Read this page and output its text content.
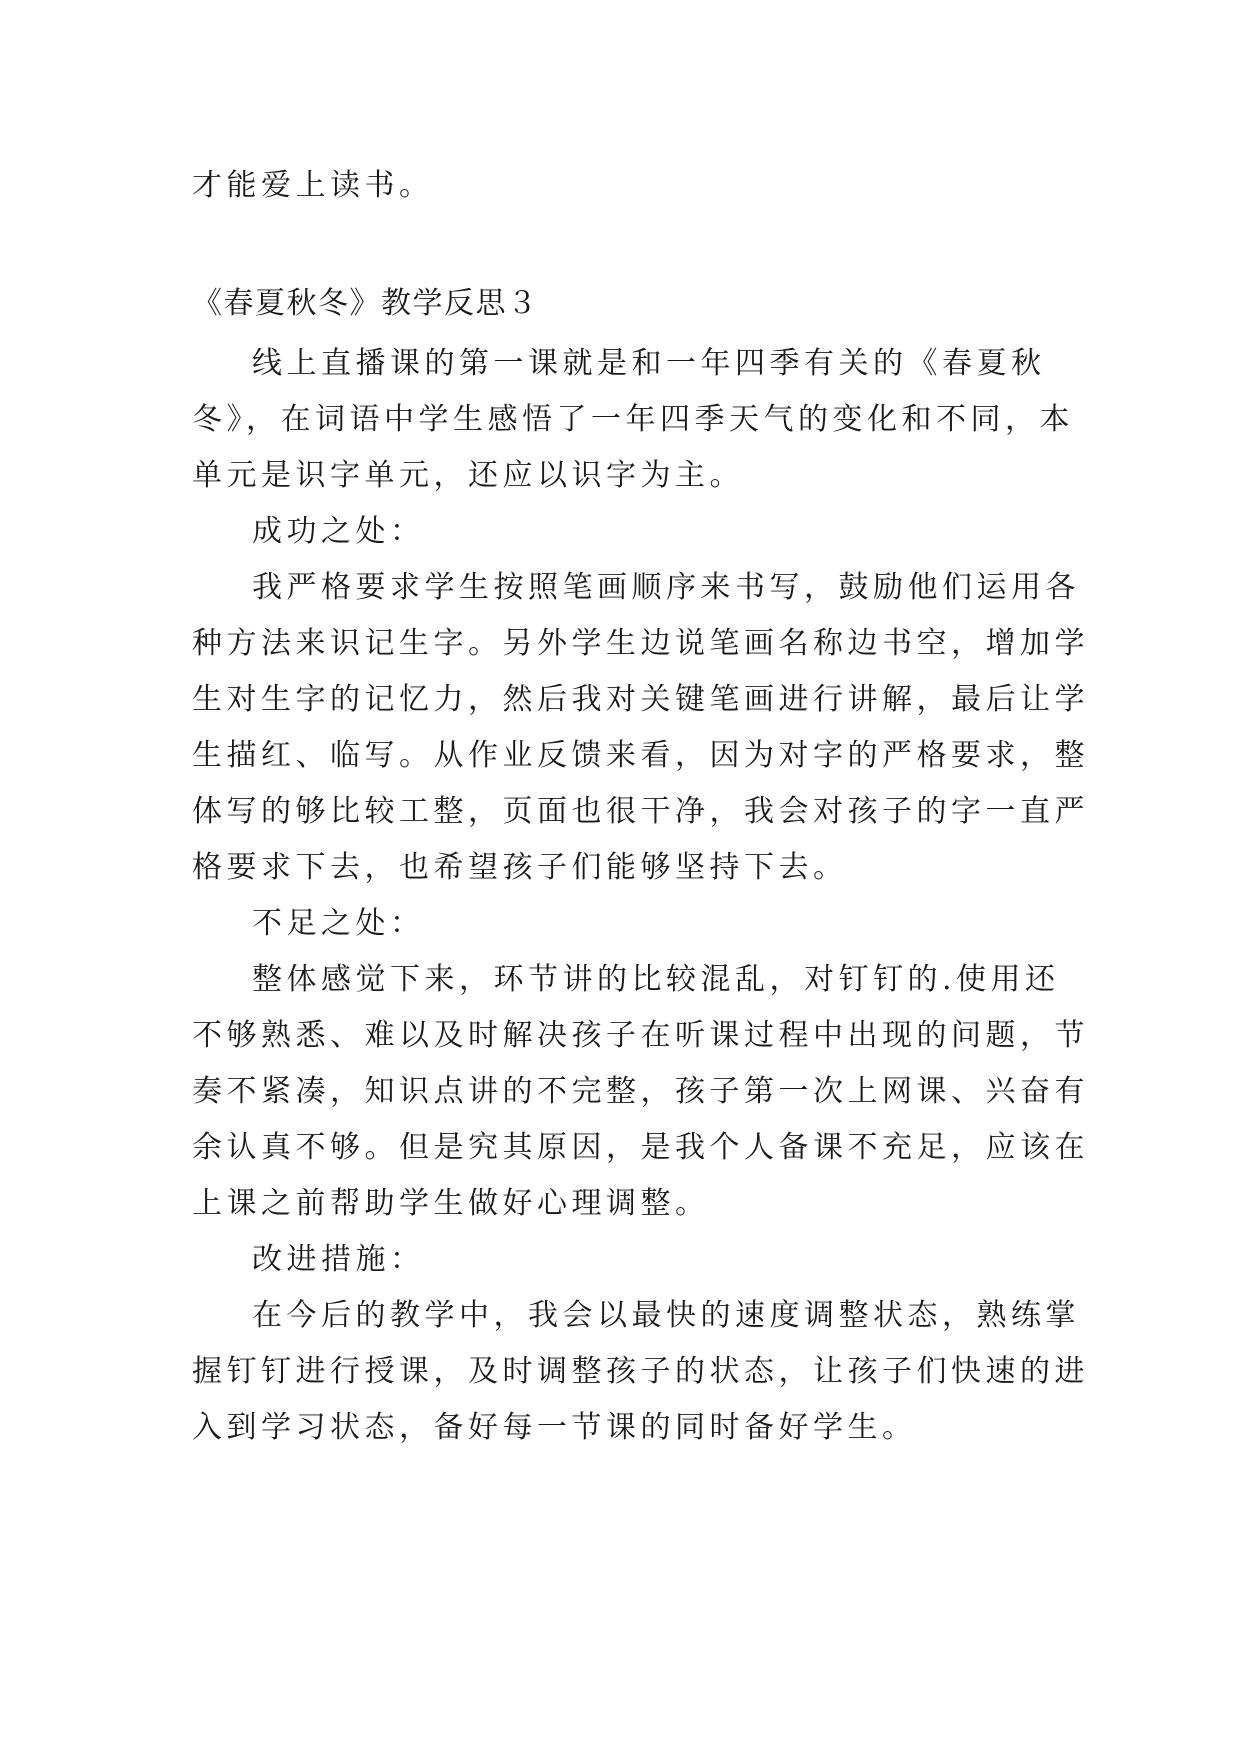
才能爱上读书。
《春夏秋冬》教学反思３
线上直播课的第一课就是和一年四季有关的《春夏秋
冬》，在词语中学生感悟了一年四季天气的变化和不同，本
单元是识字单元，还应以识字为主。
成功之处：
我严格要求学生按照笔画顺序来书写，鼓励他们运用各
种方法来识记生字。另外学生边说笔画名称边书空，增加学
生对生字的记忆力，然后我对关键笔画进行讲解，最后让学
生描红、临写。从作业反馈来看，因为对字的严格要求，整
体写的够比较工整，页面也很干净，我会对孩子的字一直严
格要求下去，也希望孩子们能够坚持下去。
不足之处：
整体感觉下来，环节讲的比较混乱，对钉钉的.使用还
不够熟悉、难以及时解决孩子在听课过程中出现的问题，节
奏不紧凑，知识点讲的不完整，孩子第一次上网课、兴奋有
余认真不够。但是究其原因，是我个人备课不充足，应该在
上课之前帮助学生做好心理调整。
改进措施：
在今后的教学中，我会以最快的速度调整状态，熟练掌
握钉钉进行授课，及时调整孩子的状态，让孩子们快速的进
入到学习状态，备好每一节课的同时备好学生。
